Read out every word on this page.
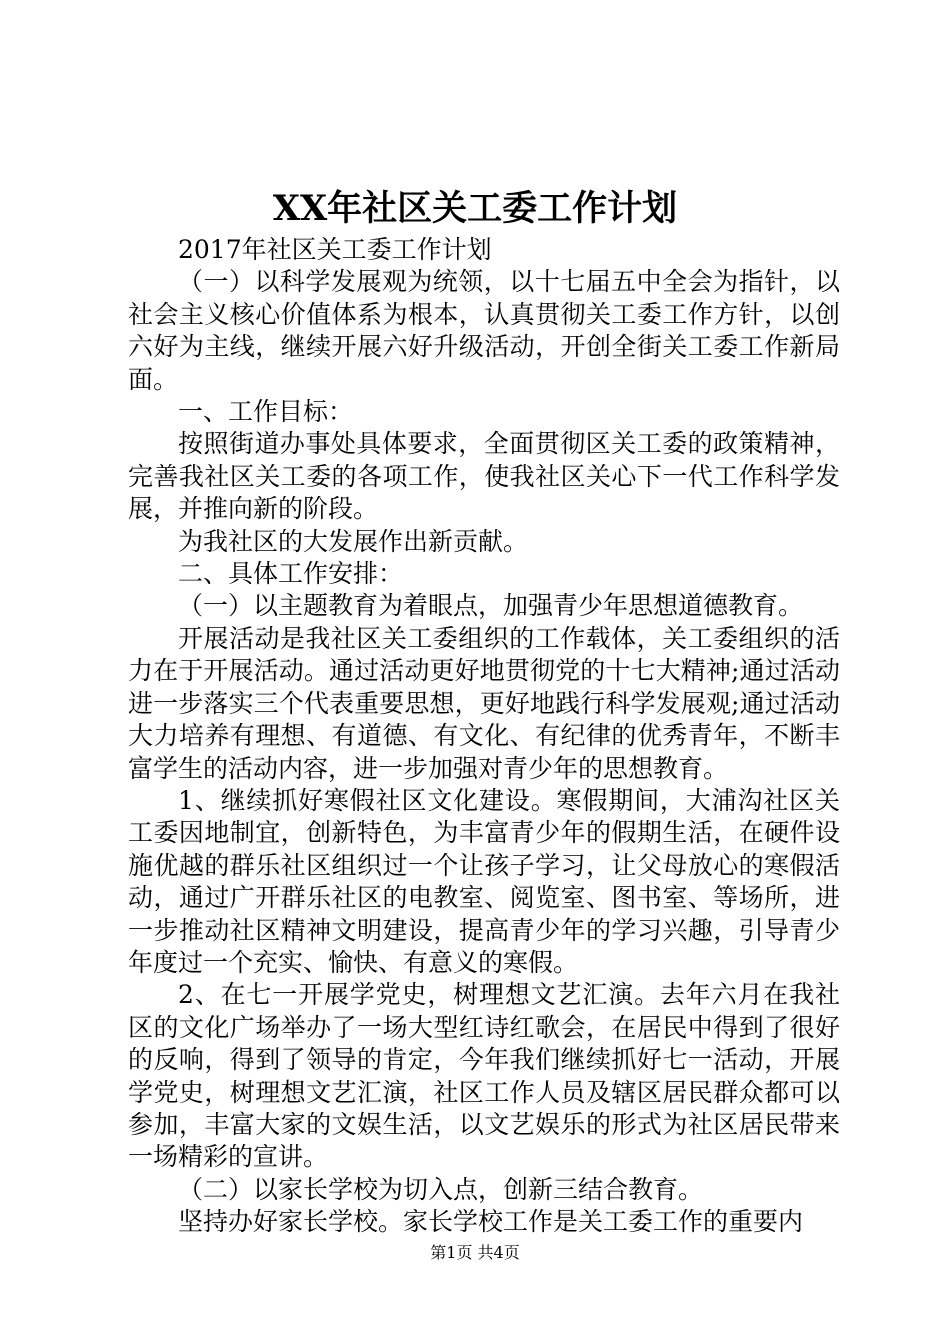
XX年社区关工委工作计划

2017年社区关工委工作计划

（一）以科学发展观为统领，以十七届五中全会为指针，以社会主义核心价值体系为根本，认真贯彻关工委工作方针，以创六好为主线，继续开展六好升级活动，开创全街关工委工作新局面。

一、工作目标：

按照街道办事处具体要求，全面贯彻区关工委的政策精神，完善我社区关工委的各项工作，使我社区关心下一代工作科学发展，并推向新的阶段。

为我社区的大发展作出新贡献。

二、具体工作安排：

（一）以主题教育为着眼点，加强青少年思想道德教育。

开展活动是我社区关工委组织的工作载体，关工委组织的活力在于开展活动。通过活动更好地贯彻党的十七大精神;通过活动进一步落实三个代表重要思想，更好地践行科学发展观;通过活动大力培养有理想、有道德、有文化、有纪律的优秀青年，不断丰富学生的活动内容，进一步加强对青少年的思想教育。

1、继续抓好寒假社区文化建设。寒假期间，大浦沟社区关工委因地制宜，创新特色，为丰富青少年的假期生活，在硬件设施优越的群乐社区组织过一个让孩子学习，让父母放心的寒假活动，通过广开群乐社区的电教室、阅览室、图书室、等场所，进一步推动社区精神文明建设，提高青少年的学习兴趣，引导青少年度过一个充实、愉快、有意义的寒假。

2、在七一开展学党史，树理想文艺汇演。去年六月在我社区的文化广场举办了一场大型红诗红歌会，在居民中得到了很好的反响，得到了领导的肯定，今年我们继续抓好七一活动，开展学党史，树理想文艺汇演，社区工作人员及辖区居民群众都可以参加，丰富大家的文娱生活，以文艺娱乐的形式为社区居民带来一场精彩的宣讲。

（二）以家长学校为切入点，创新三结合教育。

坚持办好家长学校。家长学校工作是关工委工作的重要内

第1页 共4页
